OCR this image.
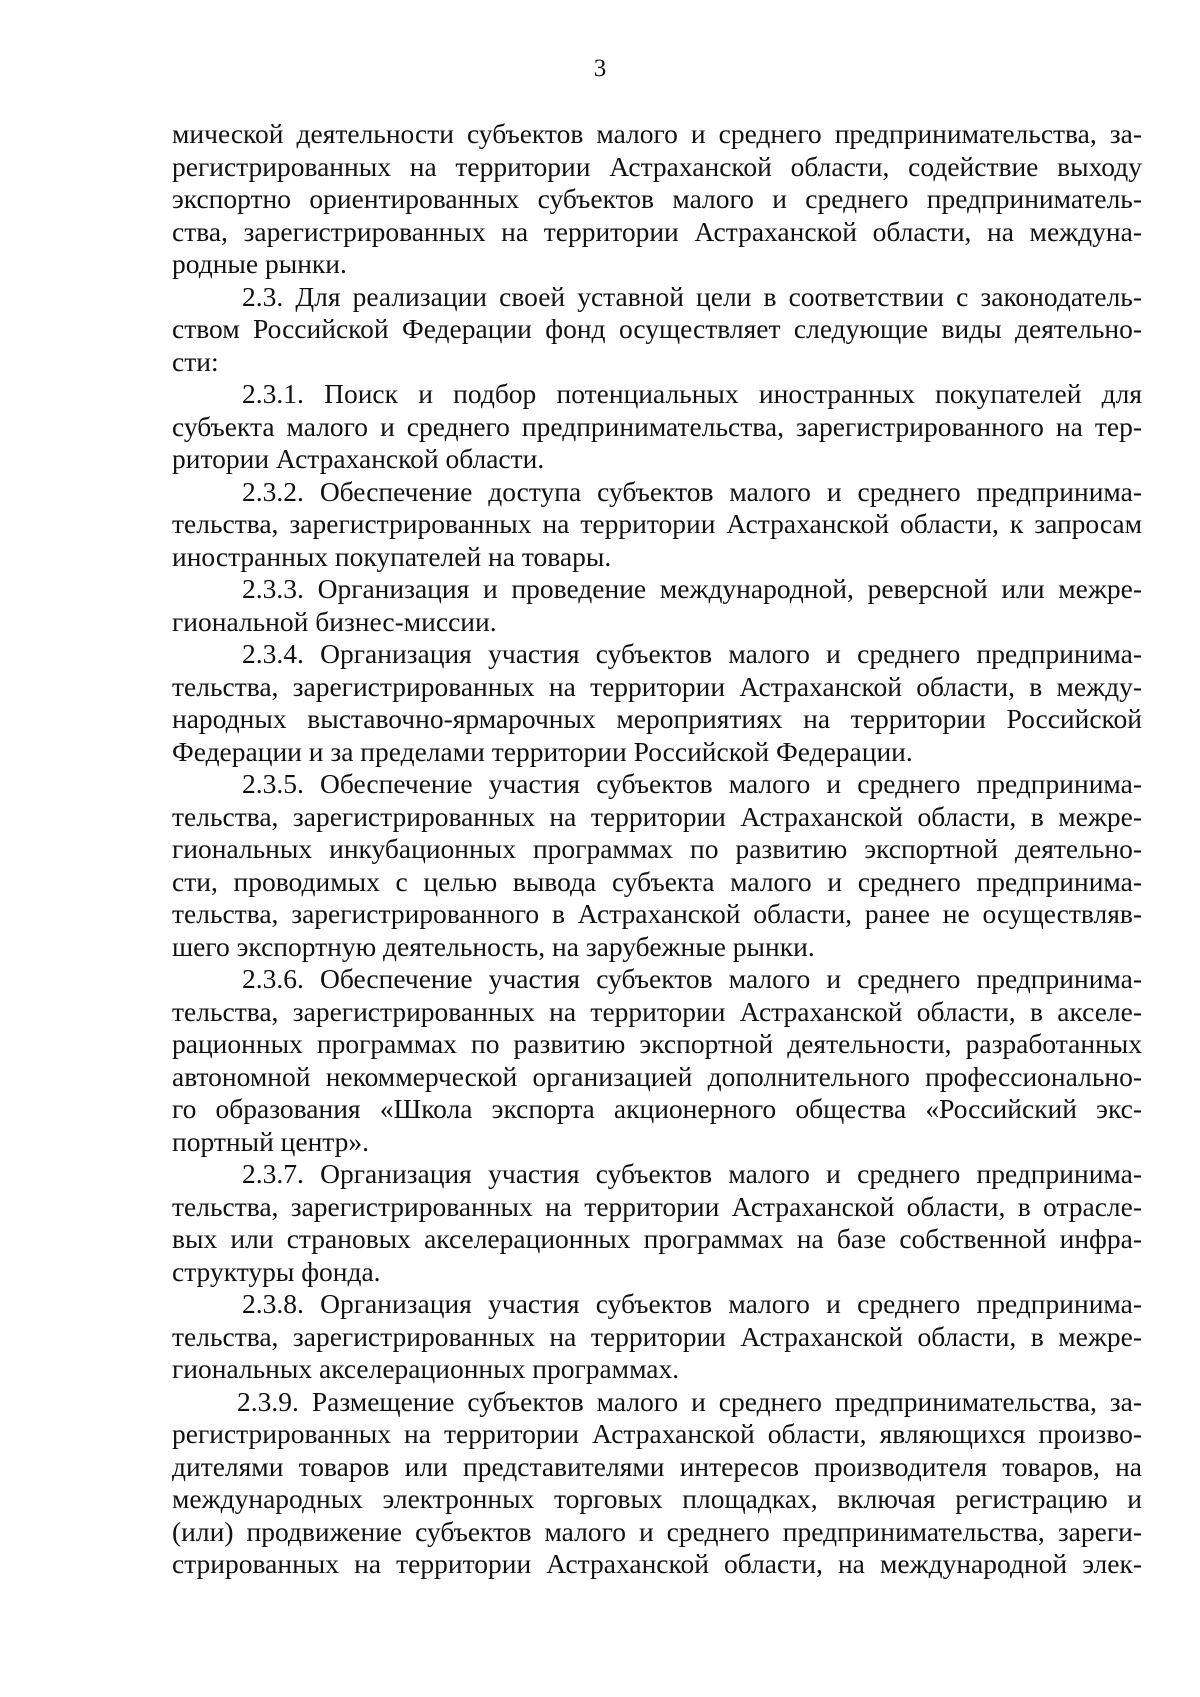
3
мической деятельности субъектов малого и среднего предпринимательства, за-
регистрированных на территории Астраханской области, содействие выходу
экспортно ориентированных субъектов малого и среднего предприниматель-
ства, зарегистрированных на территории Астраханской области, на междуна-
родные рынки.
2.3. Для реализации своей уставной цели в соответствии с законодатель-
ством Российской Федерации фонд осуществляет следующие виды деятельно-
сти:
2.3.1. Поиск и подбор потенциальных иностранных покупателей для
субъекта малого и среднего предпринимательства, зарегистрированного на тер-
ритории Астраханской области.
2.3.2. Обеспечение доступа субъектов малого и среднего предпринима-
тельства, зарегистрированных на территории Астраханской области, к запросам
иностранных покупателей на товары.
2.3.3. Организация и проведение международной, реверсной или межре-
гиональной бизнес-миссии.
2.3.4. Организация участия субъектов малого и среднего предпринима-
тельства, зарегистрированных на территории Астраханской области, в между-
народных выставочно-ярмарочных мероприятиях на территории Российской
Федерации и за пределами территории Российской Федерации.
2.3.5. Обеспечение участия субъектов малого и среднего предпринима-
тельства, зарегистрированных на территории Астраханской области, в межре-
гиональных инкубационных программах по развитию экспортной деятельно-
сти, проводимых с целью вывода субъекта малого и среднего предпринима-
тельства, зарегистрированного в Астраханской области, ранее не осуществляв-
шего экспортную деятельность, на зарубежные рынки.
2.3.6. Обеспечение участия субъектов малого и среднего предпринима-
тельства, зарегистрированных на территории Астраханской области, в акселе-
рационных программах по развитию экспортной деятельности, разработанных
автономной некоммерческой организацией дополнительного профессионально-
го образования «Школа экспорта акционерного общества «Российский экс-
портный центр».
2.3.7. Организация участия субъектов малого и среднего предпринима-
тельства, зарегистрированных на территории Астраханской области, в отрасле-
вых или страновых акселерационных программах на базе собственной инфра-
структуры фонда.
2.3.8. Организация участия субъектов малого и среднего предпринима-
тельства, зарегистрированных на территории Астраханской области, в межре-
гиональных акселерационных программах.
2.3.9. Размещение субъектов малого и среднего предпринимательства, за-
регистрированных на территории Астраханской области, являющихся произво-
дителями товаров или представителями интересов производителя товаров, на
международных электронных торговых площадках, включая регистрацию и
(или) продвижение субъектов малого и среднего предпринимательства, зареги-
стрированных на территории Астраханской области, на международной элек-
